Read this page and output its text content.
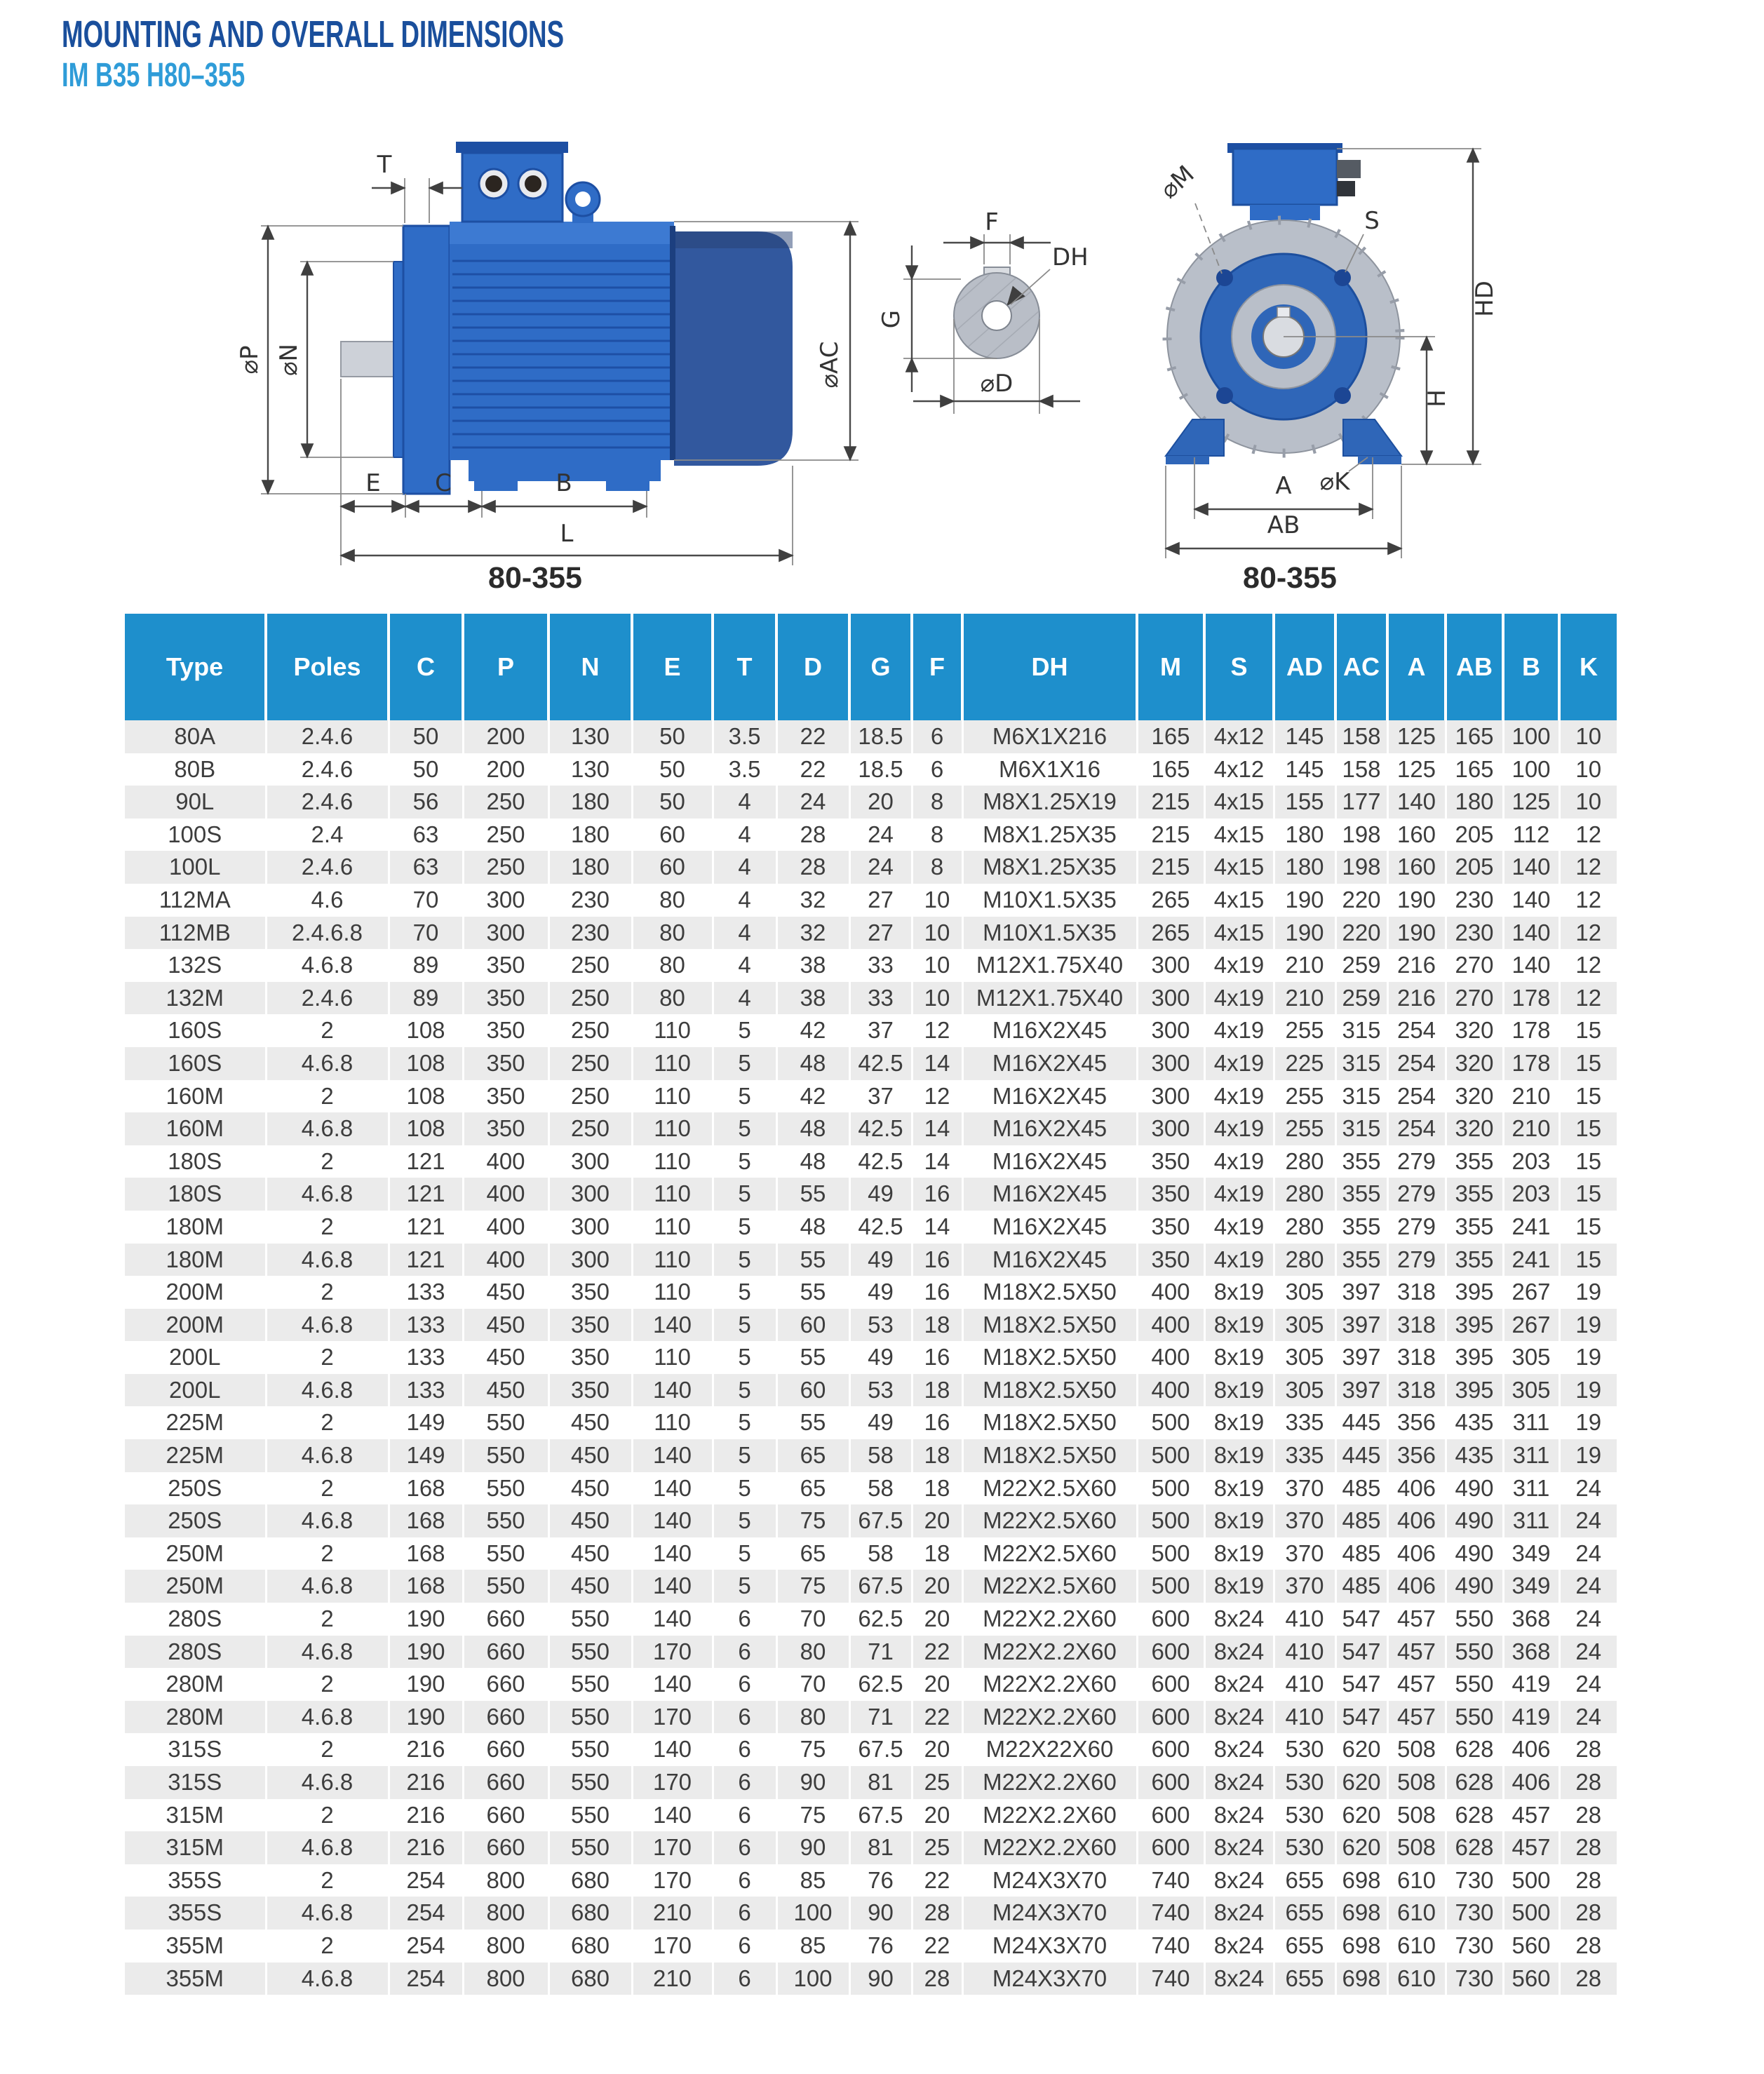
MOUNTING AND OVERALL DIMENSIONS
IM B35 H80–355
T
⌀P ⌀N	⌀AC
E C	B
L
80-355
F
DH
G
⌀D
HD
H
⌀M
S
⌀K
A
AB
80-355
Type	Poles	C	P	N	E	T	D	G	F	DH	M	S	AD	AC	A	AB	B	K
80A	2.4.6	50	200	130	50	3.5	22	18.5	6	M6X1X216	165	4x12	145	158	125	165	100	10
80B	2.4.6	50	200	130	50	3.5	22	18.5	6	M6X1X16	165	4x12	145	158	125	165	100	10
90L	2.4.6	56	250	180	50	4	24	20	8	M8X1.25X19	215	4x15	155	177	140	180	125	10
100S	2.4	63	250	180	60	4	28	24	8	M8X1.25X35	215	4x15	180	198	160	205	112	12
100L	2.4.6	63	250	180	60	4	28	24	8	M8X1.25X35	215	4x15	180	198	160	205	140	12
112MA	4.6	70	300	230	80	4	32	27	10	M10X1.5X35	265	4x15	190	220	190	230	140	12
112MB	2.4.6.8	70	300	230	80	4	32	27	10	M10X1.5X35	265	4x15	190	220	190	230	140	12
132S	4.6.8	89	350	250	80	4	38	33	10	M12X1.75X40	300	4x19	210	259	216	270	140	12
132M	2.4.6	89	350	250	80	4	38	33	10	M12X1.75X40	300	4x19	210	259	216	270	178	12
160S	2	108	350	250	110	5	42	37	12	M16X2X45	300	4x19	255	315	254	320	178	15
160S	4.6.8	108	350	250	110	5	48	42.5	14	M16X2X45	300	4x19	225	315	254	320	178	15
160M	2	108	350	250	110	5	42	37	12	M16X2X45	300	4x19	255	315	254	320	210	15
160M	4.6.8	108	350	250	110	5	48	42.5	14	M16X2X45	300	4x19	255	315	254	320	210	15
180S	2	121	400	300	110	5	48	42.5	14	M16X2X45	350	4x19	280	355	279	355	203	15
180S	4.6.8	121	400	300	110	5	55	49	16	M16X2X45	350	4x19	280	355	279	355	203	15
180M	2	121	400	300	110	5	48	42.5	14	M16X2X45	350	4x19	280	355	279	355	241	15
180M	4.6.8	121	400	300	110	5	55	49	16	M16X2X45	350	4x19	280	355	279	355	241	15
200M	2	133	450	350	110	5	55	49	16	M18X2.5X50	400	8x19	305	397	318	395	267	19
200M	4.6.8	133	450	350	140	5	60	53	18	M18X2.5X50	400	8x19	305	397	318	395	267	19
200L	2	133	450	350	110	5	55	49	16	M18X2.5X50	400	8x19	305	397	318	395	305	19
200L	4.6.8	133	450	350	140	5	60	53	18	M18X2.5X50	400	8x19	305	397	318	395	305	19
225M	2	149	550	450	110	5	55	49	16	M18X2.5X50	500	8x19	335	445	356	435	311	19
225M	4.6.8	149	550	450	140	5	65	58	18	M18X2.5X50	500	8x19	335	445	356	435	311	19
250S	2	168	550	450	140	5	65	58	18	M22X2.5X60	500	8x19	370	485	406	490	311	24
250S	4.6.8	168	550	450	140	5	75	67.5	20	M22X2.5X60	500	8x19	370	485	406	490	311	24
250M	2	168	550	450	140	5	65	58	18	M22X2.5X60	500	8x19	370	485	406	490	349	24
250M	4.6.8	168	550	450	140	5	75	67.5	20	M22X2.5X60	500	8x19	370	485	406	490	349	24
280S	2	190	660	550	140	6	70	62.5	20	M22X2.2X60	600	8x24	410	547	457	550	368	24
280S	4.6.8	190	660	550	170	6	80	71	22	M22X2.2X60	600	8x24	410	547	457	550	368	24
280M	2	190	660	550	140	6	70	62.5	20	M22X2.2X60	600	8x24	410	547	457	550	419	24
280M	4.6.8	190	660	550	170	6	80	71	22	M22X2.2X60	600	8x24	410	547	457	550	419	24
315S	2	216	660	550	140	6	75	67.5	20	M22X22X60	600	8x24	530	620	508	628	406	28
315S	4.6.8	216	660	550	170	6	90	81	25	M22X2.2X60	600	8x24	530	620	508	628	406	28
315M	2	216	660	550	140	6	75	67.5	20	M22X2.2X60	600	8x24	530	620	508	628	457	28
315M	4.6.8	216	660	550	170	6	90	81	25	M22X2.2X60	600	8x24	530	620	508	628	457	28
355S	2	254	800	680	170	6	85	76	22	M24X3X70	740	8x24	655	698	610	730	500	28
355S	4.6.8	254	800	680	210	6	100	90	28	M24X3X70	740	8x24	655	698	610	730	500	28
355M	2	254	800	680	170	6	85	76	22	M24X3X70	740	8x24	655	698	610	730	560	28
355M	4.6.8	254	800	680	210	6	100	90	28	M24X3X70	740	8x24	655	698	610	730	560	28
